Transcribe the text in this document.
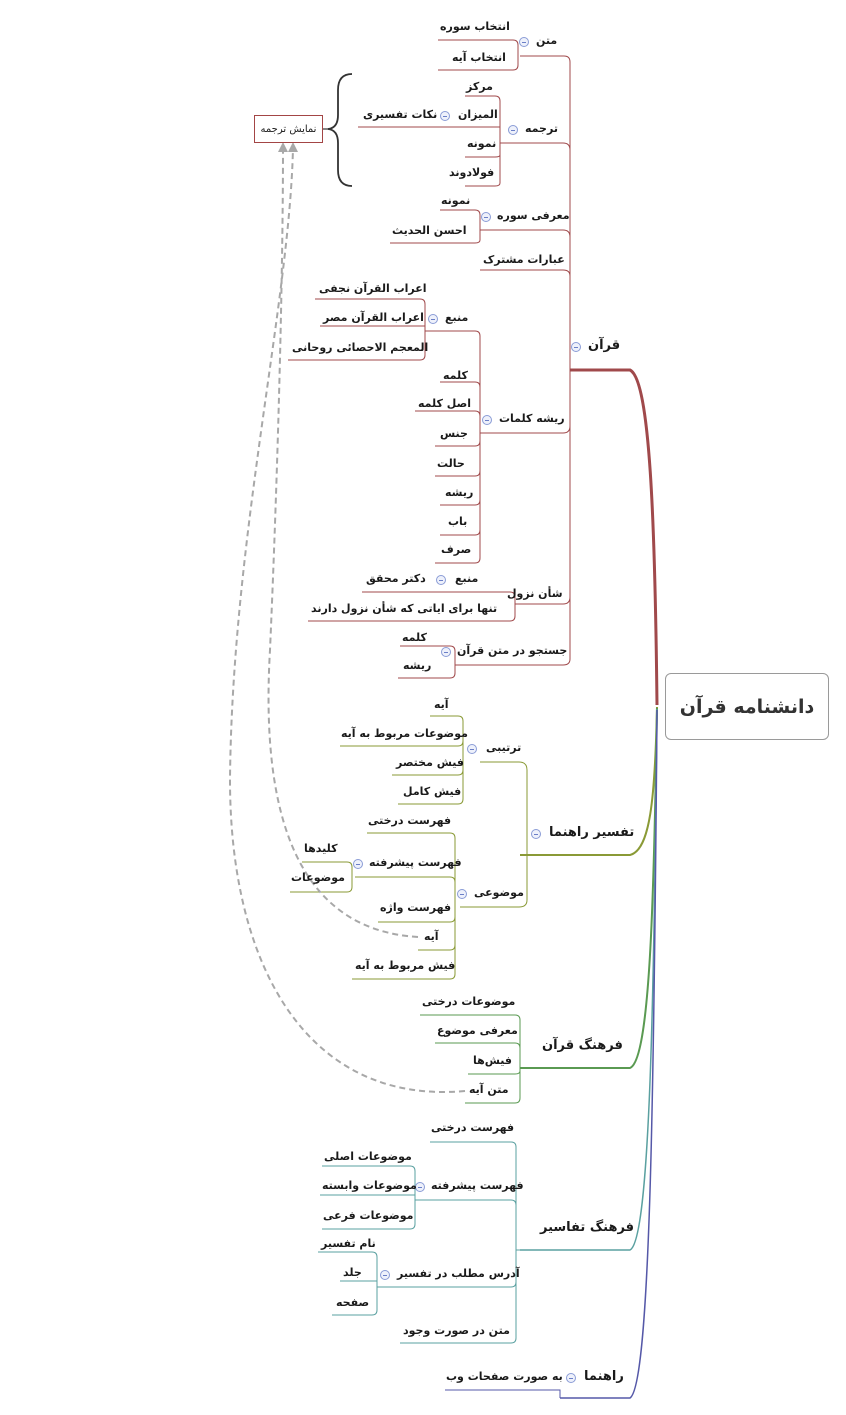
دانشنامه قرآن
نمایش ترجمه
قرآن
متن
انتخاب سوره
انتخاب آیه
ترجمه
مرکز
المیزان
نکات تفسیری
نمونه
فولادوند
معرفی سوره
نمونه
احسن الحدیث
عبارات مشترک
منبع
اعراب القرآن نجفی
اعراب القرآن مصر
المعجم الاحصائی روحانی
ریشه کلمات
کلمه
اصل کلمه
جنس
حالت
ریشه
باب
صرف
شأن نزول
منبع
دکتر محقق
تنها برای ایاتی که شأن نزول دارند
جستجو در متن قرآن
کلمه
ریشه
تفسیر راهنما
ترتیبی
آیه
موضوعات مربوط به آیه
فیش مختصر
فیش کامل
موضوعی
فهرست درختی
فهرست پیشرفته
کلیدها
موضوعات
فهرست واژه
آیه
فیش مربوط به آیه
فرهنگ قرآن
موضوعات درختی
معرفی موضوع
فیش‌ها
متن آیه
فرهنگ تفاسیر
فهرست درختی
فهرست پیشرفته
موضوعات اصلی
موضوعات وابسته
موضوعات فرعی
آدرس مطلب در تفسیر
نام تفسیر
جلد
صفحه
متن در صورت وجود
راهنما
به صورت صفحات وب
